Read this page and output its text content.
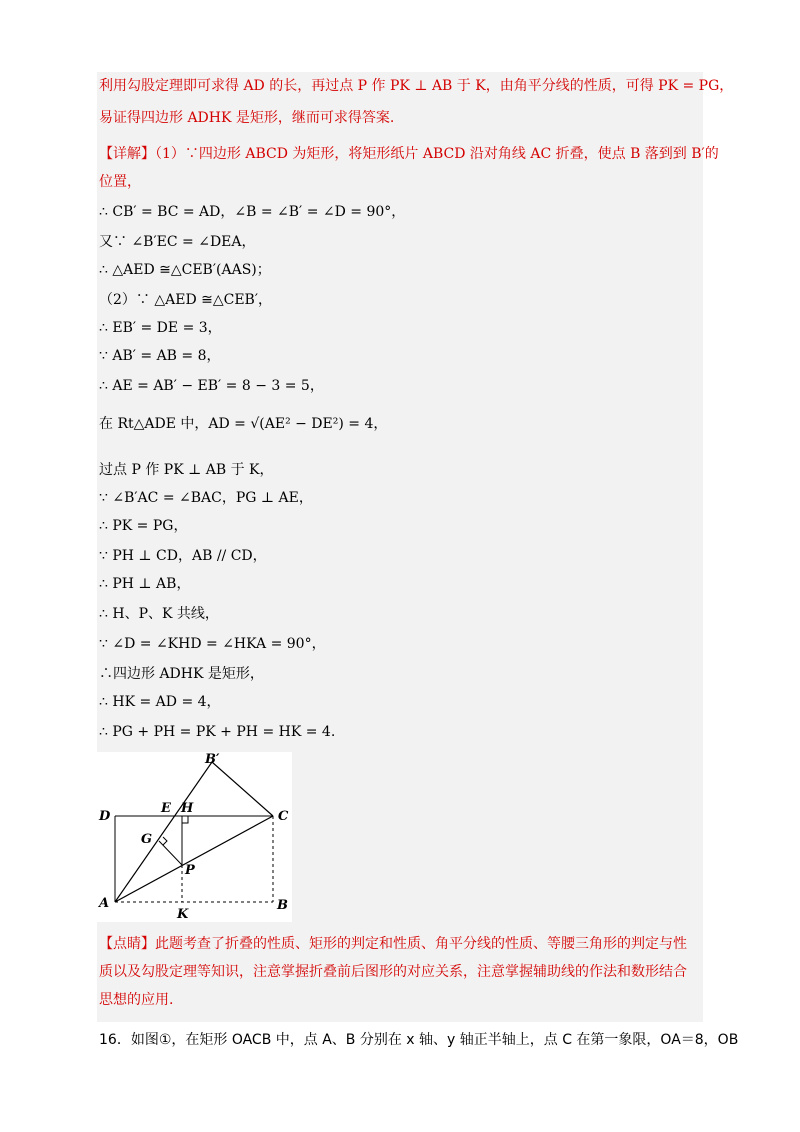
利用勾股定理即可求得 AD 的长，再过点 P 作 PK ⊥ AB 于 K，由角平分线的性质，可得 PK = PG，
易证得四边形 ADHK 是矩形，继而可求得答案.
【详解】（1）∵四边形 ABCD 为矩形，将矩形纸片 ABCD 沿对角线 AC 折叠，使点 B 落到到 B′的
位置，
∴ CB′ = BC = AD，∠B = ∠B′ = ∠D = 90°，
又∵ ∠B′EC = ∠DEA，
∴ △AED ≅△CEB′(AAS)；
（2）∵ △AED ≅△CEB′，
∴ EB′ = DE = 3，
∵ AB′ = AB = 8，
∴ AE = AB′ − EB′ = 8 − 3 = 5，
在 Rt△ADE 中，AD = √(AE² − DE²) = 4，
过点 P 作 PK ⊥ AB 于 K，
∵ ∠B′AC = ∠BAC，PG ⊥ AE，
∴ PK = PG，
∵ PH ⊥ CD，AB // CD，
∴ PH ⊥ AB，
∴ H、P、K 共线，
∵ ∠D = ∠KHD = ∠HKA = 90°，
∴四边形 ADHK 是矩形，
∴ HK = AD = 4，
∴ PG + PH = PK + PH = HK = 4.
B′
D
E H
C
G
P
A
K
B
【点睛】此题考查了折叠的性质、矩形的判定和性质、角平分线的性质、等腰三角形的判定与性
质以及勾股定理等知识，注意掌握折叠前后图形的对应关系，注意掌握辅助线的作法和数形结合
思想的应用.
16．如图①，在矩形 OACB 中，点 A、B 分别在 x 轴、y 轴正半轴上，点 C 在第一象限，OA＝8，OB
